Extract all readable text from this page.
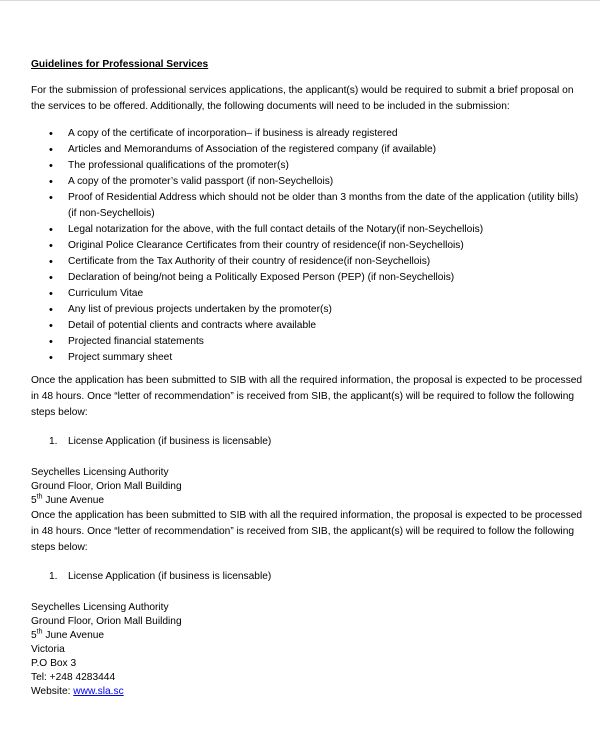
Guidelines for Professional Services

For the submission of professional services applications, the applicant(s) would be required to submit a brief proposal on the services to be offered. Additionally, the following documents will need to be included in the submission:

• A copy of the certificate of incorporation– if business is already registered
• Articles and Memorandums of Association of the registered company (if available)
• The professional qualifications of the promoter(s)
• A copy of the promoter’s valid passport (if non-Seychellois)
• Proof of Residential Address which should not be older than 3 months from the date of the application (utility bills) (if non-Seychellois)
• Legal notarization for the above, with the full contact details of the Notary(if non-Seychellois)
• Original Police Clearance Certificates from their country of residence(if non-Seychellois)
• Certificate from the Tax Authority of their country of residence(if non-Seychellois)
• Declaration of being/not being a Politically Exposed Person (PEP) (if non-Seychellois)
• Curriculum Vitae
• Any list of previous projects undertaken by the promoter(s)
• Detail of potential clients and contracts where available
• Projected financial statements
• Project summary sheet

Once the application has been submitted to SIB with all the required information, the proposal is expected to be processed in 48 hours. Once “letter of recommendation” is received from SIB, the applicant(s) will be required to follow the following steps below:

1. License Application (if business is licensable)
Seychelles Licensing Authority
Ground Floor, Orion Mall Building
5th June Avenue

Once the application has been submitted to SIB with all the required information, the proposal is expected to be processed in 48 hours. Once “letter of recommendation” is received from SIB, the applicant(s) will be required to follow the following steps below:

1. License Application (if business is licensable)
Seychelles Licensing Authority
Ground Floor, Orion Mall Building
5th June Avenue
Victoria
P.O Box 3
Tel: +248 4283444
Website: www.sla.sc
